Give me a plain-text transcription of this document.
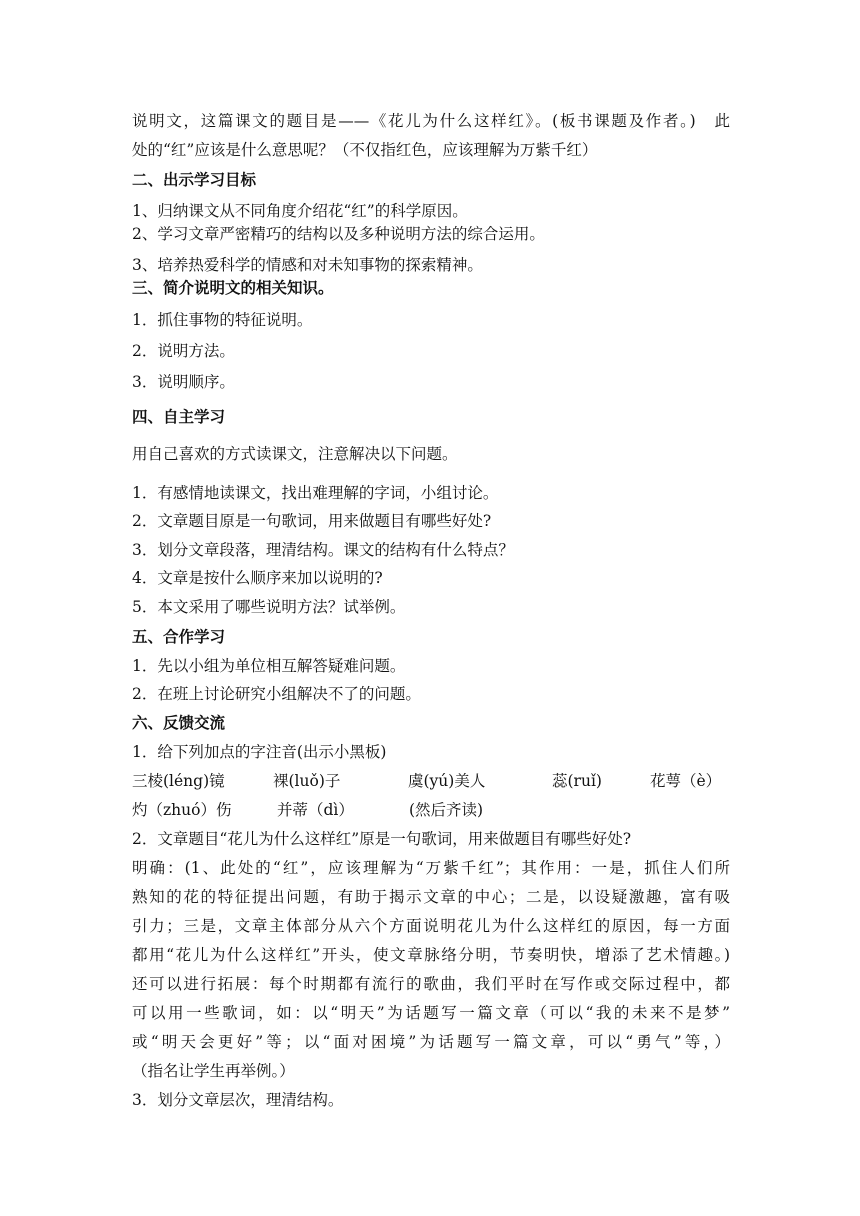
说明文，这篇课文的题目是——《花儿为什么这样红》。(板书课题及作者。)　此
处的“红”应该是什么意思呢？（不仅指红色，应该理解为万紫千红）
二、出示学习目标
1、归纳课文从不同角度介绍花“红”的科学原因。
2、学习文章严密精巧的结构以及多种说明方法的综合运用。
3、培养热爱科学的情感和对未知事物的探索精神。
三、简介说明文的相关知识。
1．抓住事物的特征说明。
2．说明方法。
3．说明顺序。
四、自主学习
用自己喜欢的方式读课文，注意解决以下问题。
1．有感情地读课文，找出难理解的字词，小组讨论。
2．文章题目原是一句歌词，用来做题目有哪些好处?
3．划分文章段落，理清结构。课文的结构有什么特点？
4．文章是按什么顺序来加以说明的?
5．本文采用了哪些说明方法？试举例。
五、合作学习
1．先以小组为单位相互解答疑难问题。
2．在班上讨论研究小组解决不了的问题。
六、反馈交流
1．给下列加点的字注音(出示小黑板)
三棱(léng)镜	裸(luǒ)子	虞(yú)美人	蕊(ruǐ)	花萼（è）
灼（zhuó）伤	并蒂（dì）	(然后齐读)
2．文章题目“花儿为什么这样红”原是一句歌词，用来做题目有哪些好处?
明确：(1、此处的“红”，应该理解为“万紫千红”；其作用：一是，抓住人们所
熟知的花的特征提出问题，有助于揭示文章的中心；二是，以设疑激趣，富有吸
引力；三是，文章主体部分从六个方面说明花儿为什么这样红的原因，每一方面
都用“花儿为什么这样红”开头，使文章脉络分明，节奏明快，增添了艺术情趣。)
还可以进行拓展：每个时期都有流行的歌曲，我们平时在写作或交际过程中，都
可以用一些歌词，如：以“明天”为话题写一篇文章（可以“我的未来不是梦”
或“明天会更好”等；以“面对困境”为话题写一篇文章，可以“勇气”等，）
（指名让学生再举例。）
3．划分文章层次，理清结构。
